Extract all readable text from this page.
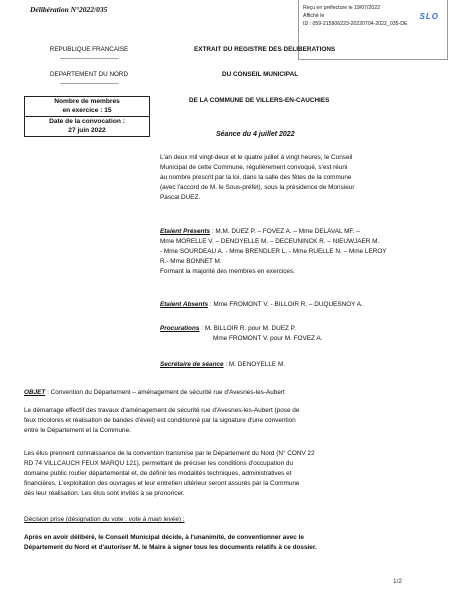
Délibération N°2022/035	Reçu en préfecture le 19/07/2022
Affiché le
ID : 059-215906223-20220704-2022_035-DE
SLO
REPUBLIQUE FRANCAISE
——————————
DEPARTEMENT DU NORD
——————————
Nombre de membres
en exercice : 15
Date de la convocation :
27 juin 2022
EXTRAIT DU REGISTRE DES DELIBERATIONS
DU CONSEIL MUNICIPAL
DE LA COMMUNE DE VILLERS-EN-CAUCHIES
Séance du 4 juillet 2022
L'an deux mil vingt-deux et le quatre juillet à vingt heures, le Conseil
Municipal de cette Commune, régulièrement convoqué, s'est réuni
au nombre prescrit par la loi, dans la salle des fêtes de la commune
(avec l'accord de M. le Sous-préfet), sous la présidence de Monsieur
Pascal DUEZ.
Etaient Présents : M.M. DUEZ P. – FOVEZ A. – Mme DELAVAL MF. –
Mme MORELLE V. – DENOYELLE M. – DECEUNINCK R. – NIEUWJAER M.
- Mme SOURDEAU A. - Mme BRENDLER L. - Mme RUELLE N. – Mme LEROY
R.- Mme BONNET M.
Formant la majorité des membres en exercices.
Etaient Absents : Mme FROMONT V. - BILLOIR R. – DUQUESNOY A.
Procurations : M. BILLOIR R. pour M. DUEZ P.
Mme FROMONT V. pour M. FOVEZ A.
Secrétaire de séance : M. DENOYELLE M.
OBJET : Convention du Département – aménagement de sécurité rue d'Avesnes-les-Aubert
Le démarrage effectif des travaux d'aménagement de sécurité rue d'Avesnes-les-Aubert (pose de
feux tricolores et réalisation de bandes d'éveil) est conditionné par la signature d'une convention
entre le Département et la Commune.
Les élus prennent connaissance de la convention transmise par le Département du Nord (N° CONV 22
RD 74 VILLCAUCH FEUX MARQU 121), permettant de préciser les conditions d'occupation du
domaine public routier départemental et, de définir les modalités techniques, administratives et
financières. L'exploitation des ouvrages et leur entretien ultérieur seront assurés par la Commune
dès leur réalisation. Les élus sont invités à se prononcer.
Décision prise (désignation du vote : vote à main levée) :
Après en avoir délibéré, le Conseil Municipal décide, à l'unanimité, de conventionner avec le
Département du Nord et d'autoriser M. le Maire à signer tous les documents relatifs à ce dossier.
1/2
